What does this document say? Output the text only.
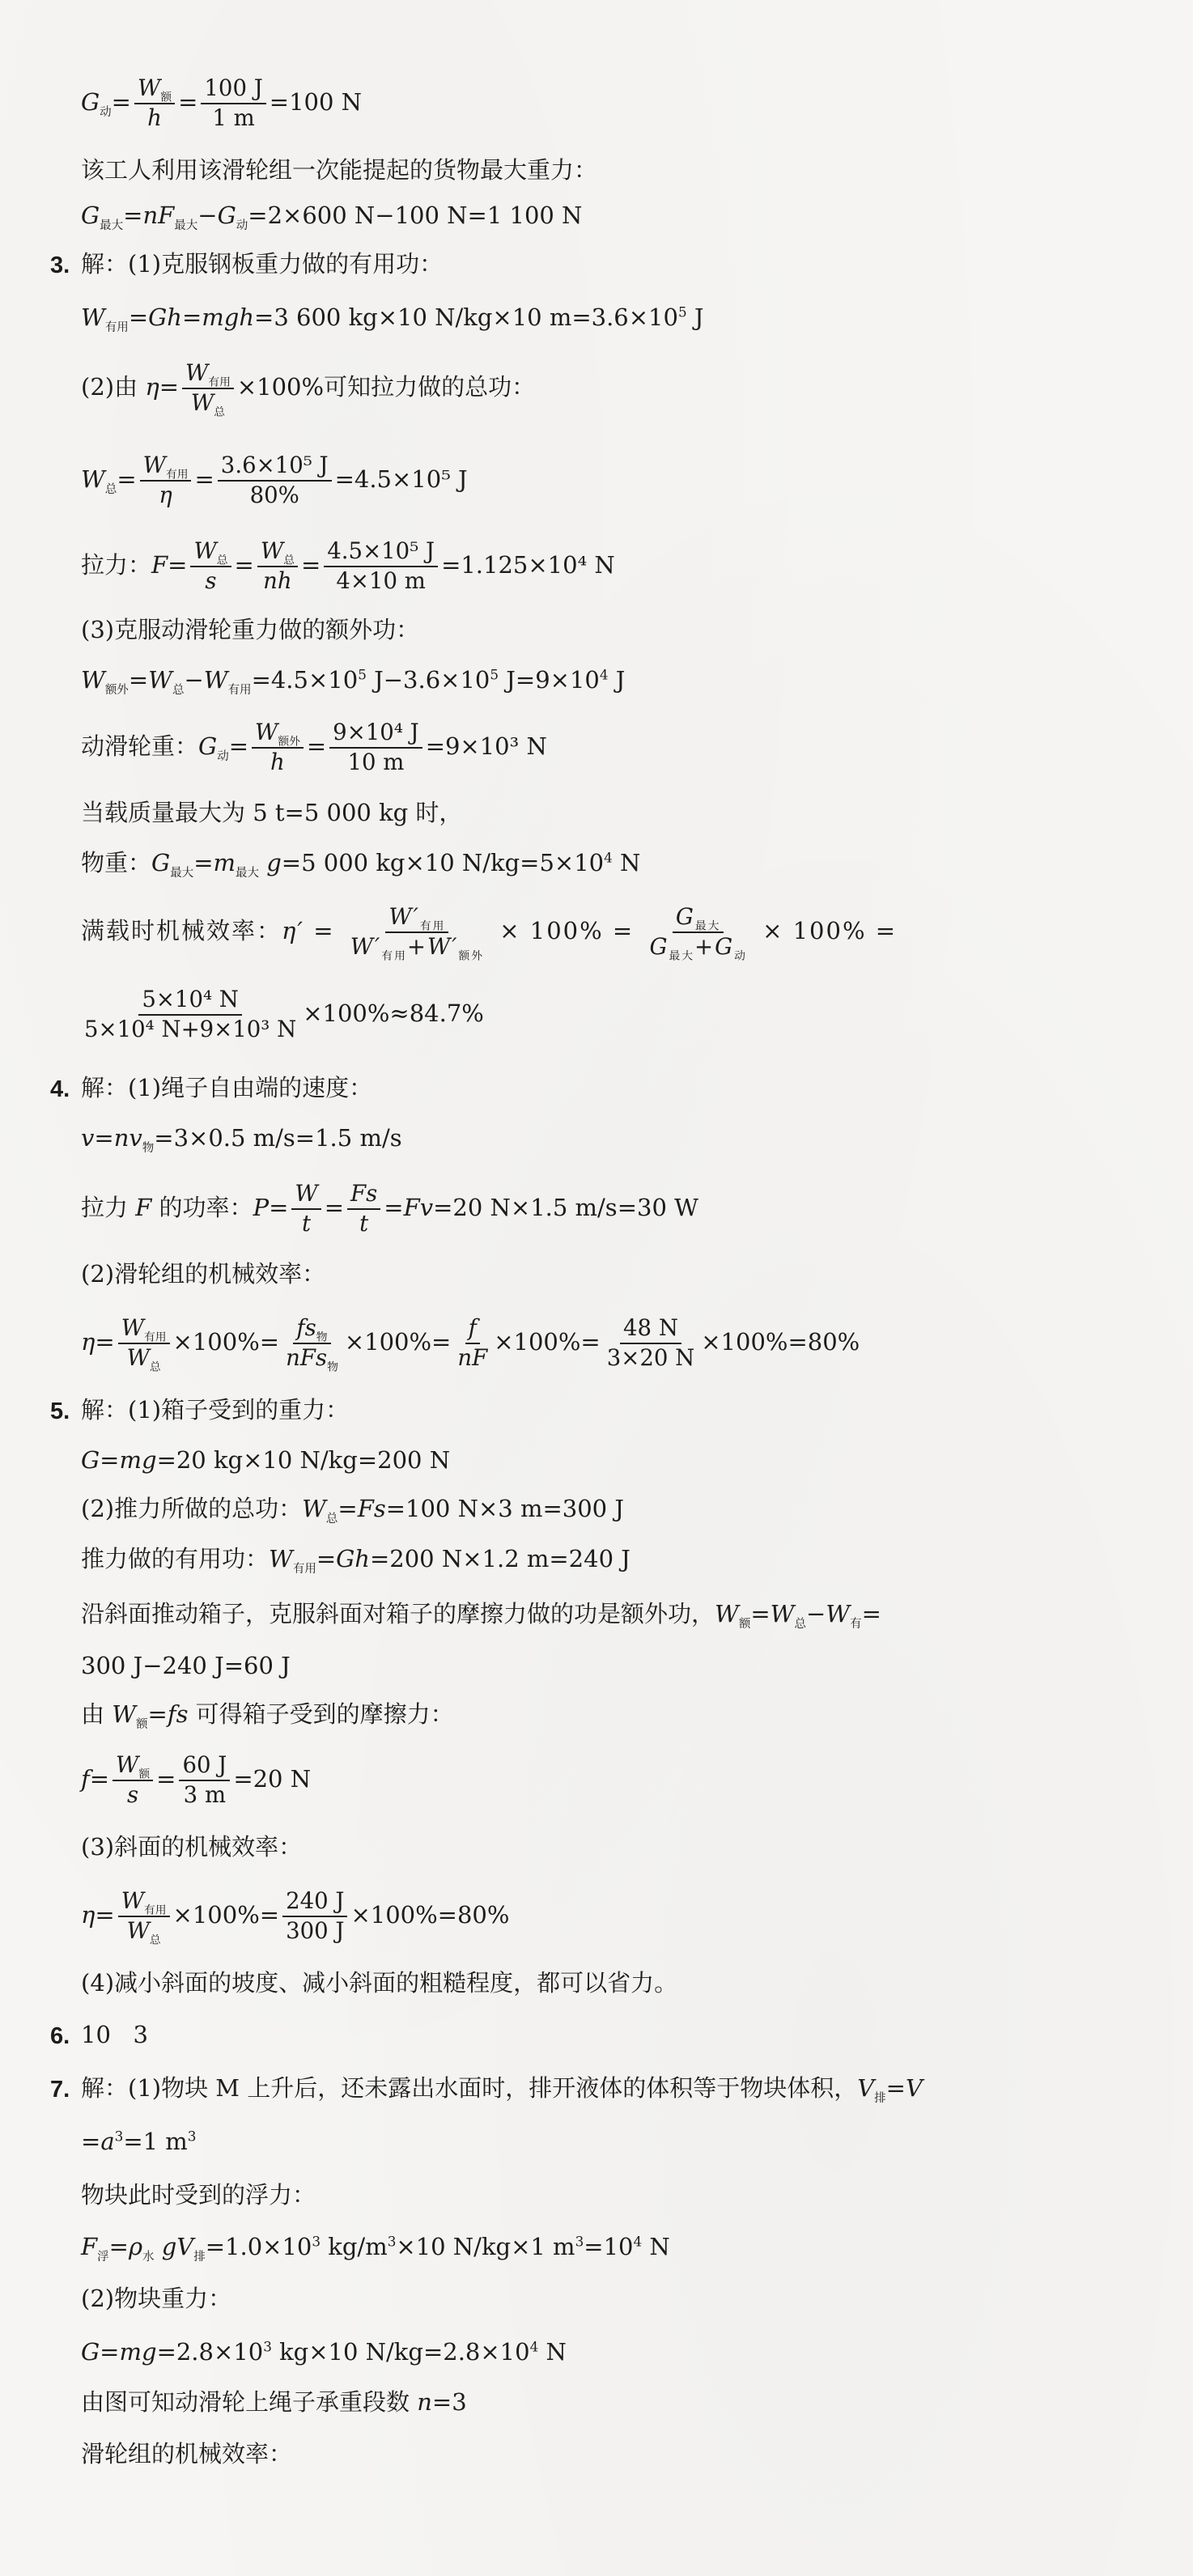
$G_动= \frac{W_额}{h} = \frac{100 J}{1 m} =100$ N
该工人利用该滑轮组一次能提起的货物最大重力：
$G_{最大}=nF_{最大}-G_动=2\times 600$ N−100 N=1 100 N
3. 解：(1)克服钢板重力做的有用功：
$W_{有用}=Gh=mgh=3$ 600 kg×10 N/kg×10 $m=3.6\times 10^5$ J
(2)由 $\eta= \frac{W_{有用}}{W_总} \times 100\%$可知拉力做的总功：
$W_总= \frac{W_{有用}}{\eta} = \frac{\text{3.6×10⁵ J}}{80\%} =4.5\times 10^5$ J
拉力：$F= \frac{W_总}{s} = \frac{W_总}{nh} = \frac{\text{4.5×10⁵ J}}{4\times 10 m} =1.125\times 10^4$ N
(3)克服动滑轮重力做的额外功：
$W_{额外}=W_总-W_{有用}=4.5\times 10^5$ $J-3.6\times 10^5$ $J=9\times 10^4$ J
动滑轮重：$G_动= \frac{W_{额外}}{h} = \frac{\text{9×10⁴ J}}{10 m} =9\times 10^3$ N
当载质量最大为 5 t=5 000 kg 时，
物重：$G_{最大}=m_{最大}$ g=5 000 kg×10 $N/kg=5\times 10^4$ N
满载时机械效率：$\eta' = \frac{W'_{有用}}{W'_{有用}+W'_{额外}} \times 100\% = \frac{G_{最大}}{G_{最大}+G_动} \times 100\%$ =
$\frac{\text{5×10⁴ N}}{\text{5×10⁴ N+9×10³ N}} \times 100\%\approx 84.7\%$
4. 解：(1)绳子自由端的速度：
$v=nv_物=3\times 0.5$ m/s=1.5 m/s
拉力 F 的功率：$P= \frac{W}{t} = \frac{Fs}{t} =Fv=20$ N×1.5 m/s=30 W
(2)滑轮组的机械效率：
$\eta= \frac{W_{有用}}{W_总} \times 100\%= \frac{fs_物}{nFs_物} \times 100\%= \frac{f}{nF} \times 100\%= \frac{48 N}{3\times 20 N} \times 100\%=80\%$
5. 解：(1)箱子受到的重力：
G=mg=20 kg×10 N/kg=200 N
(2)推力所做的总功：$W_总=Fs=100$ N×3 m=300 J
推力做的有用功：$W_{有用}=Gh=200$ N×1.2 m=240 J
沿斜面推动箱子，克服斜面对箱子的摩擦力做的功是额外功，$W_额=W_总-W_有=$
300 J−240 J=60 J
由 $W_额=fs$ 可得箱子受到的摩擦力：
$f= \frac{W_额}{s} = \frac{60 J}{3 m} =20$ N
(3)斜面的机械效率：
$\eta= \frac{W_{有用}}{W_总} \times 100\%= \frac{240 J}{300 J} \times 100\%=80\%$
(4)减小斜面的坡度、减小斜面的粗糙程度，都可以省力。
6. 10   3
7. 解：(1)物块 M 上升后，还未露出水面时，排开液体的体积等于物块体积，$V_排=V$
$=a^3=1$ $m^3$
物块此时受到的浮力：
$F_浮=\rho_水$ $gV_排=1.0\times 10^3$ $kg/m^3\times 10$ N/kg×1 $m^3=10^4$ N
(2)物块重力：
$G=mg=2.8\times 10^3$ kg×10 $N/kg=2.8\times 10^4$ N
由图可知动滑轮上绳子承重段数 n=3
滑轮组的机械效率：
